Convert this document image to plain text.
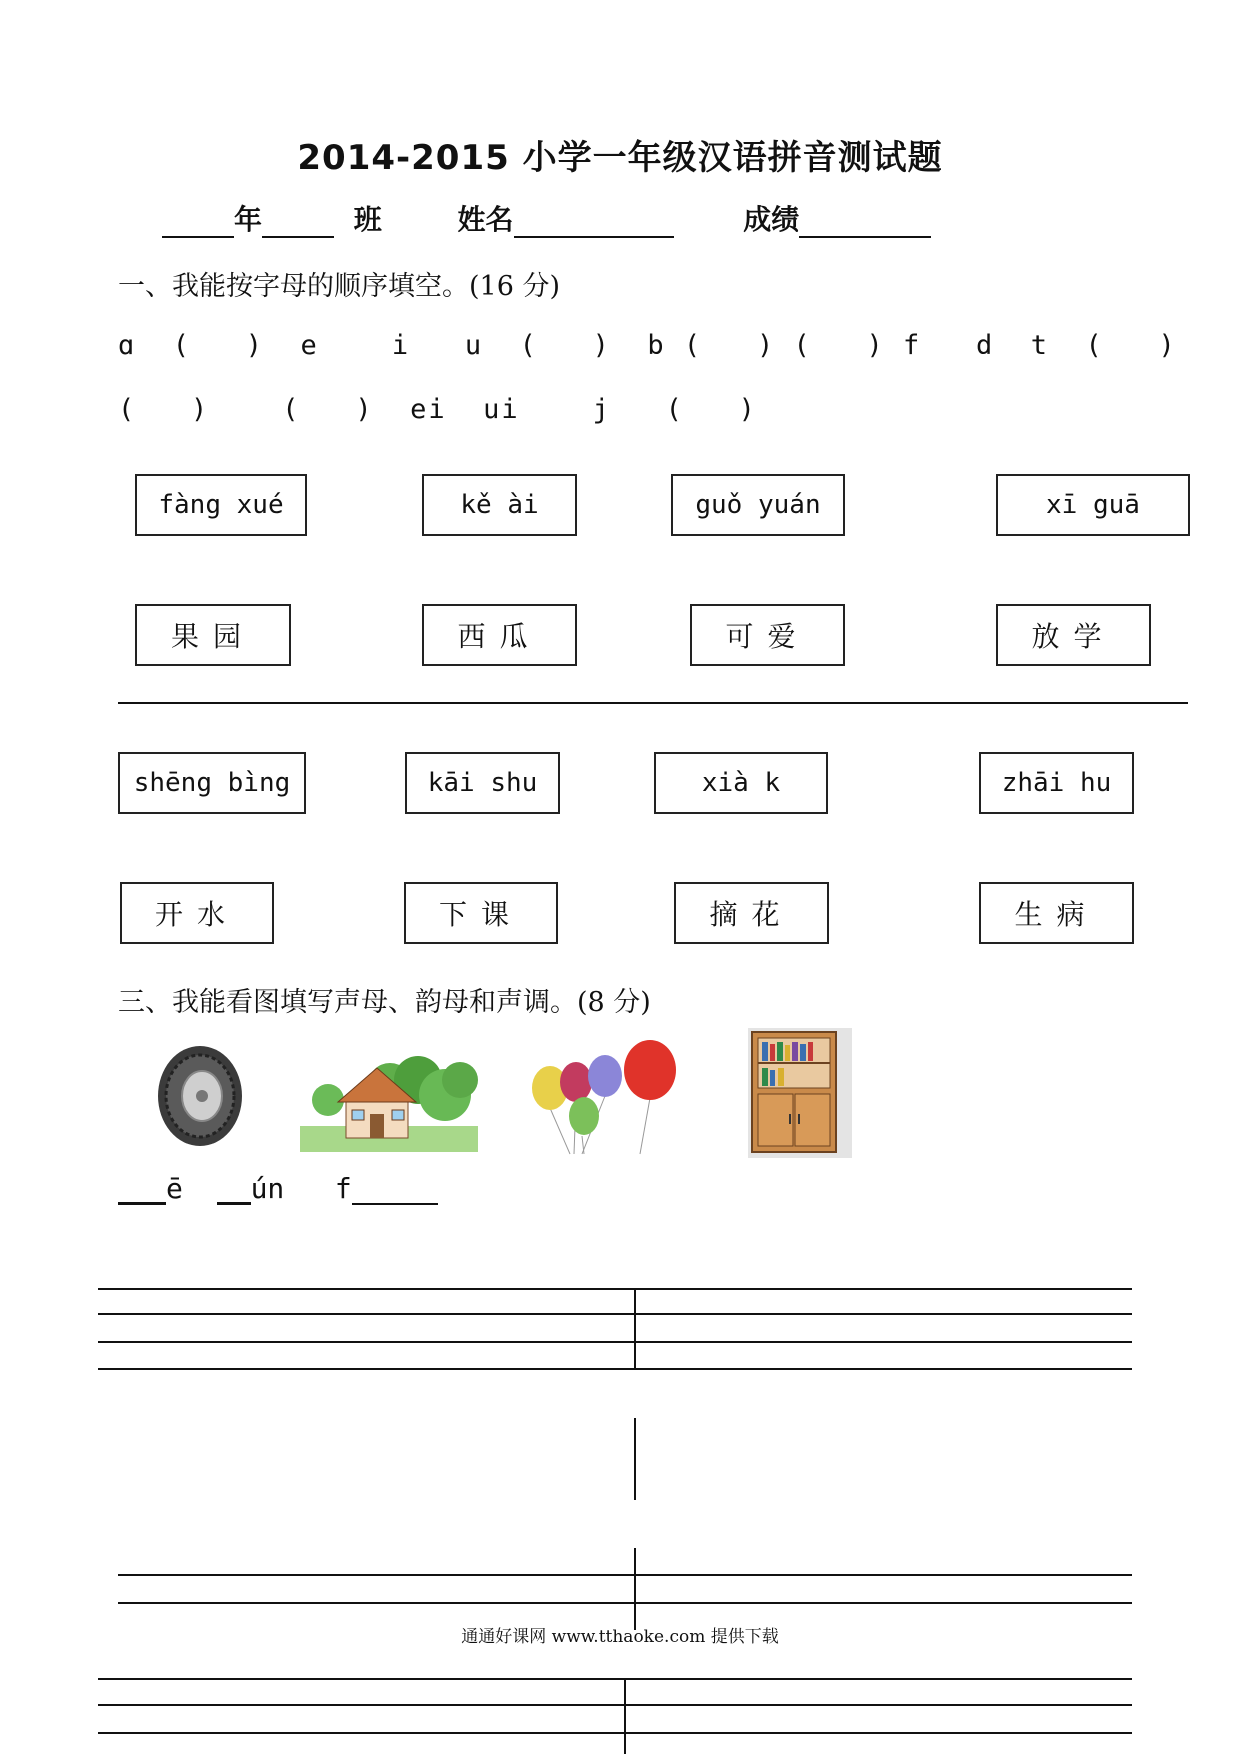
2014-2015 小学一年级汉语拼音测试题
年	班	姓名	成绩
一、我能按字母的顺序填空。(16 分)
ɑ  (   )  e    i   u  (   )  b (   ) (   ) f   d  t  (   )
(   )    (   )  ei  ui    j   (   )
fàng xué	kě ài	guǒ yuán	xī guā
果园	西瓜	可爱	放学
shēng bìng	kāi shu	xià k	zhāi hu
开水	下课	摘花	生病
三、我能看图填写声母、韵母和声调。(8 分)
ē ún f
通通好课网 www.tthaoke.com 提供下载
